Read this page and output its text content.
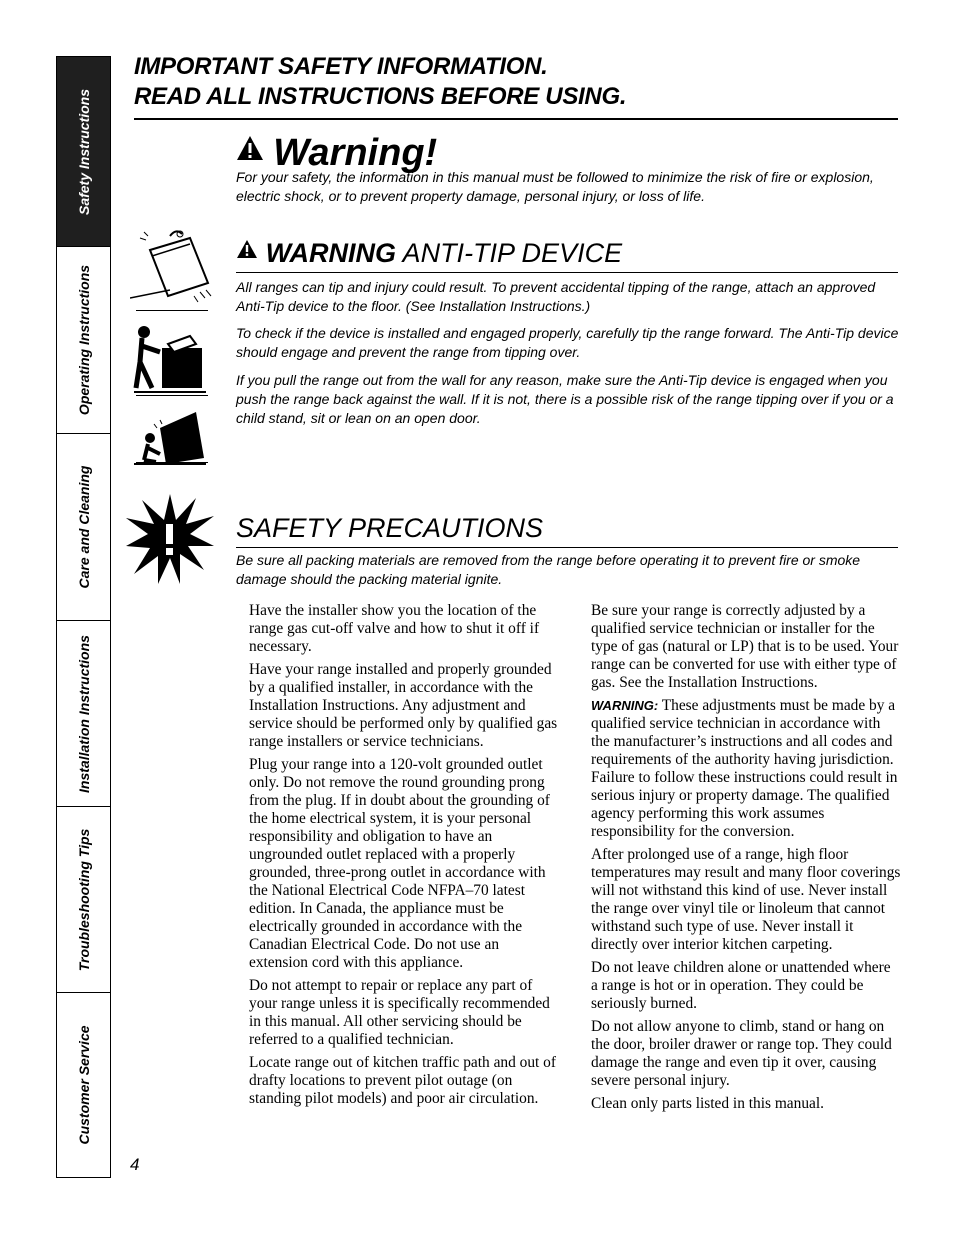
Safety Instructions
Operating Instructions
Care and Cleaning
Installation Instructions
Troubleshooting Tips
Customer Service
IMPORTANT SAFETY INFORMATION.
READ ALL INSTRUCTIONS BEFORE USING.
Warning!
For your safety, the information in this manual must be followed to minimize the risk of fire or explosion, electric shock, or to prevent property damage, personal injury, or loss of life.
WARNING ANTI-TIP DEVICE

All ranges can tip and injury could result. To prevent accidental tipping of the range, attach an approved Anti-Tip device to the floor. (See Installation Instructions.)

To check if the device is installed and engaged properly, carefully tip the range forward. The Anti-Tip device should engage and prevent the range from tipping over.

If you pull the range out from the wall for any reason, make sure the Anti-Tip device is engaged when you push the range back against the wall. If it is not, there is a possible risk of the range tipping over if you or a child stand, sit or lean on an open door.

SAFETY PRECAUTIONS

Be sure all packing materials are removed from the range before operating it to prevent fire or smoke damage should the packing material ignite.

Have the installer show you the location of the range gas cut-off valve and how to shut it off if necessary.

Have your range installed and properly grounded by a qualified installer, in accordance with the Installation Instructions. Any adjustment and service should be performed only by qualified gas range installers or service technicians.

Plug your range into a 120-volt grounded outlet only. Do not remove the round grounding prong from the plug. If in doubt about the grounding of the home electrical system, it is your personal responsibility and obligation to have an ungrounded outlet replaced with a properly grounded, three-prong outlet in accordance with the National Electrical Code NFPA–70 latest edition. In Canada, the appliance must be electrically grounded in accordance with the Canadian Electrical Code. Do not use an extension cord with this appliance.

Do not attempt to repair or replace any part of your range unless it is specifically recommended in this manual. All other servicing should be referred to a qualified technician.

Locate range out of kitchen traffic path and out of drafty locations to prevent pilot outage (on standing pilot models) and poor air circulation.

Be sure your range is correctly adjusted by a qualified service technician or installer for the type of gas (natural or LP) that is to be used. Your range can be converted for use with either type of gas. See the Installation Instructions.

WARNING: These adjustments must be made by a qualified service technician in accordance with the manufacturer’s instructions and all codes and requirements of the authority having jurisdiction. Failure to follow these instructions could result in serious injury or property damage. The qualified agency performing this work assumes responsibility for the conversion.

After prolonged use of a range, high floor temperatures may result and many floor coverings will not withstand this kind of use. Never install the range over vinyl tile or linoleum that cannot withstand such type of use. Never install it directly over interior kitchen carpeting.

Do not leave children alone or unattended where a range is hot or in operation. They could be seriously burned.

Do not allow anyone to climb, stand or hang on the door, broiler drawer or range top. They could damage the range and even tip it over, causing severe personal injury.

Clean only parts listed in this manual.

4
